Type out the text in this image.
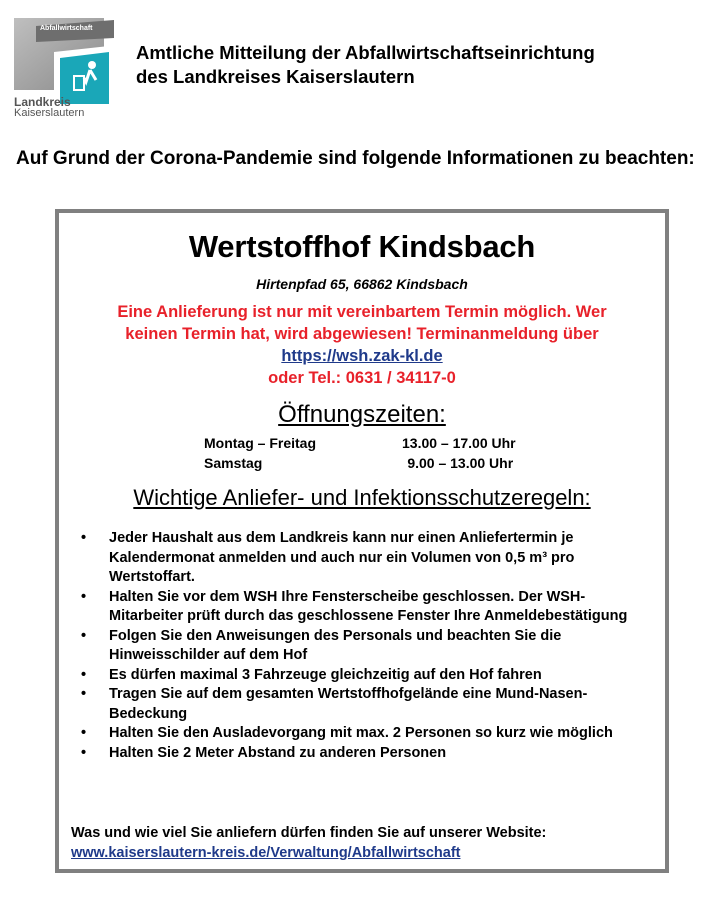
Abfallwirtschaft
Landkreis
Kaiserslautern
Amtliche Mitteilung der Abfallwirtschaftseinrichtung
des Landkreises Kaiserslautern
Auf Grund der Corona-Pandemie sind folgende Informationen zu beachten:
Wertstoffhof Kindsbach
Hirtenpfad 65, 66862 Kindsbach
Eine Anlieferung ist nur mit vereinbartem Termin möglich. Wer
keinen Termin hat, wird abgewiesen! Terminanmeldung über
https://wsh.zak-kl.de
oder Tel.: 0631 / 34117-0
Öffnungszeiten:
Montag – Freitag	13.00 – 17.00 Uhr
Samstag	9.00 – 13.00 Uhr
Wichtige Anliefer- und Infektionsschutzeregeln:
• Jeder Haushalt aus dem Landkreis kann nur einen Anliefertermin je Kalendermonat anmelden und auch nur ein Volumen von 0,5 m³ pro Wertstoffart.
• Halten Sie vor dem WSH Ihre Fensterscheibe geschlossen. Der WSH-Mitarbeiter prüft durch das geschlossene Fenster Ihre Anmeldebestätigung
• Folgen Sie den Anweisungen des Personals und beachten Sie die Hinweisschilder auf dem Hof
• Es dürfen maximal 3 Fahrzeuge gleichzeitig auf den Hof fahren
• Tragen Sie auf dem gesamten Wertstoffhofgelände eine Mund-Nasen-Bedeckung
• Halten Sie den Ausladevorgang mit max. 2 Personen so kurz wie möglich
• Halten Sie 2 Meter Abstand zu anderen Personen
Was und wie viel Sie anliefern dürfen finden Sie auf unserer Website:
www.kaiserslautern-kreis.de/Verwaltung/Abfallwirtschaft
